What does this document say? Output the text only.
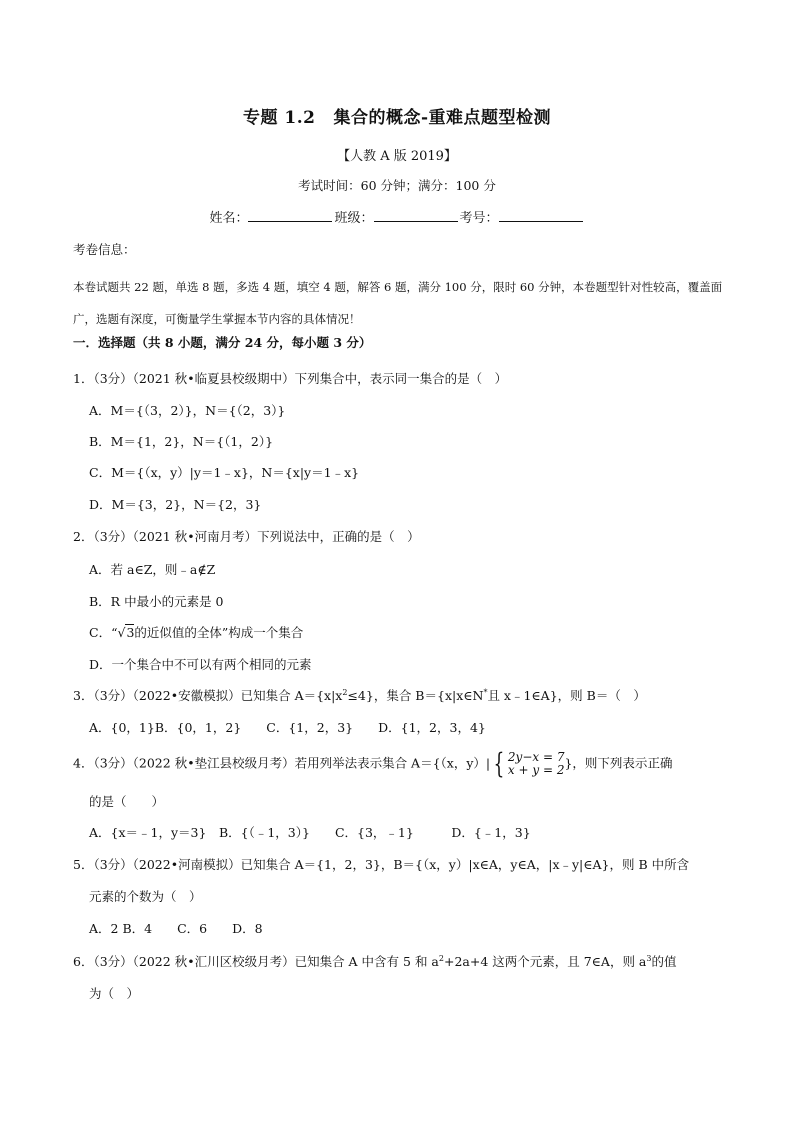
专题 1.2 集合的概念-重难点题型检测
【人教 A 版 2019】
考试时间：60 分钟；满分：100 分
姓名：	班级：	考号：
考卷信息：
本卷试题共 22 题，单选 8 题，多选 4 题，填空 4 题，解答 6 题，满分 100 分，限时 60 分钟，本卷题型针对性较高，覆盖面广，选题有深度，可衡量学生掌握本节内容的具体情况！
一．选择题（共 8 小题，满分 24 分，每小题 3 分）
1．（3分）（2021 秋•临夏县校级期中）下列集合中，表示同一集合的是（　）
A．M＝{（3，2）}，N＝{（2，3）}
B．M＝{1，2}，N＝{（1，2）}
C．M＝{（x，y）|y＝1﹣x}，N＝{x|y＝1﹣x}
D．M＝{3，2}，N＝{2，3}
2．（3分）（2021 秋•河南月考）下列说法中，正确的是（　）
A．若 a∈Z，则﹣a∉Z
B．R 中最小的元素是 0
C．“√3的近似值的全体”构成一个集合
D．一个集合中不可以有两个相同的元素
3．（3分）（2022•安徽模拟）已知集合 $A=\{x|x^2\le 4\}$，集合 B＝{x|x∈N*且 x﹣1∈A}，则 B＝（　）
A．{0，1}B．{0，1，2}　　C．{1，2，3}　　D．{1，2，3，4}
4．（3分）（2022 秋•垫江县校级月考）若用列举法表示集合 A＝{（x，y）| { 2y−x = 7
x + y = 2 }，则下列表示正确
的是（　　）
A．{x＝﹣1，y＝3}　B．{（﹣1，3）}　　C．{3，﹣1}　　　D．{﹣1，3}
5．（3分）（2022•河南模拟）已知集合 A＝{1，2，3}，B＝{（x，y）|x∈A，y∈A，|x﹣y|∈A}，则 B 中所含
元素的个数为（　）
A．2 B．4　　C．6　　D．8
6．（3分）（2022 秋•汇川区校级月考）已知集合 A 中含有 5 和 $a^2+2a+4$ 这两个元素，且 7∈A，则 $a^3$的值
为（　）
